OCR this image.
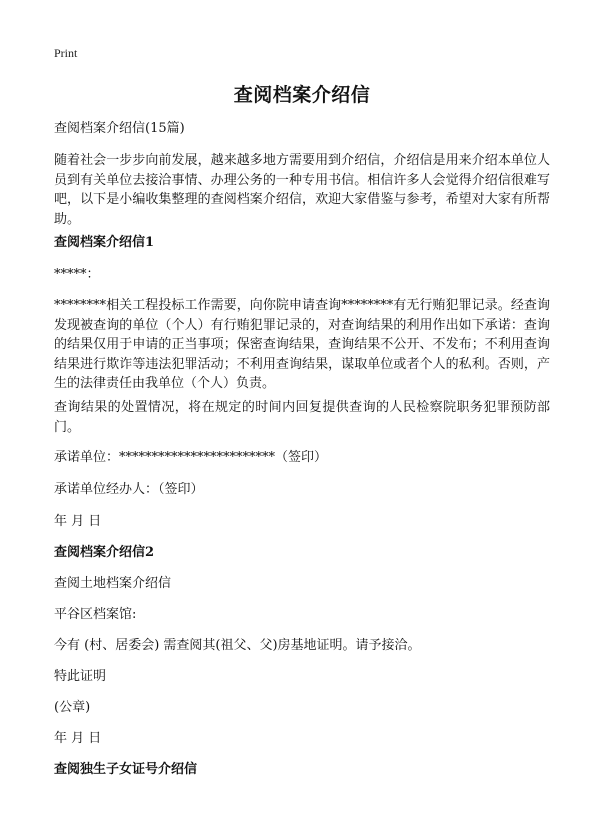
Print
查阅档案介绍信
查阅档案介绍信(15篇)
随着社会一步步向前发展，越来越多地方需要用到介绍信，介绍信是用来介绍本单位人员到有关单位去接洽事情、办理公务的一种专用书信。相信许多人会觉得介绍信很难写吧，以下是小编收集整理的查阅档案介绍信，欢迎大家借鉴与参考，希望对大家有所帮助。
查阅档案介绍信1
*****：
********相关工程投标工作需要，向你院申请查询********有无行贿犯罪记录。经查询发现被查询的单位（个人）有行贿犯罪记录的，对查询结果的利用作出如下承诺：查询的结果仅用于申请的正当事项；保密查询结果，查询结果不公开、不发布；不利用查询结果进行欺诈等违法犯罪活动；不利用查询结果，谋取单位或者个人的私利。否则，产生的法律责任由我单位（个人）负责。
查询结果的处置情况，将在规定的时间内回复提供查询的人民检察院职务犯罪预防部门。
承诺单位：************************（签印）
承诺单位经办人：（签印）
年 月 日
查阅档案介绍信2
查阅土地档案介绍信
平谷区档案馆:
今有 (村、居委会) 需查阅其(祖父、父)房基地证明。请予接洽。
特此证明
(公章)
年 月 日
查阅独生子女证号介绍信
